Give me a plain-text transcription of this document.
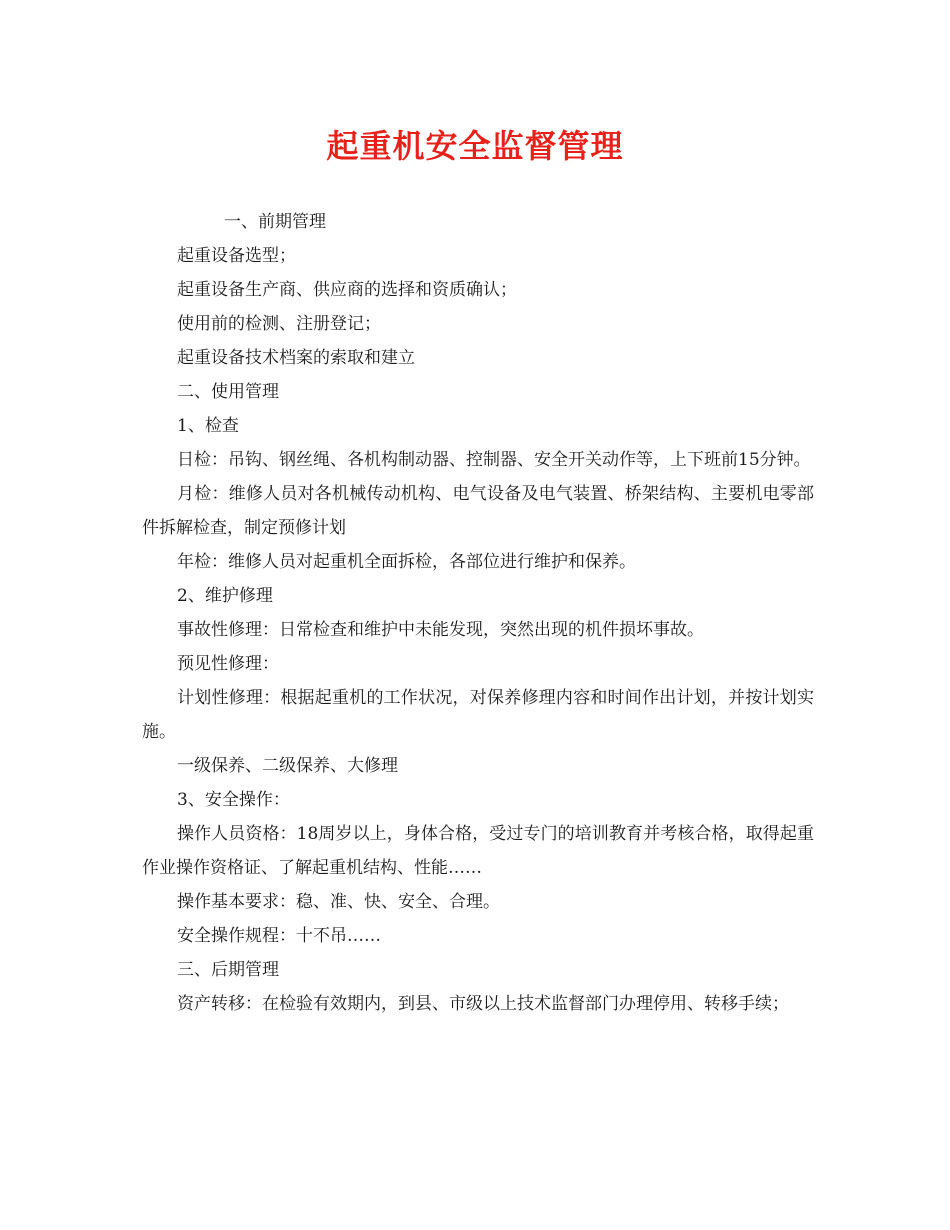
起重机安全监督管理

一、前期管理

起重设备选型；

起重设备生产商、供应商的选择和资质确认；

使用前的检测、注册登记；

起重设备技术档案的索取和建立

二、使用管理

1、检查

日检：吊钩、钢丝绳、各机构制动器、控制器、安全开关动作等，上下班前15分钟。

月检：维修人员对各机械传动机构、电气设备及电气装置、桥架结构、主要机电零部件拆解检查，制定预修计划

年检：维修人员对起重机全面拆检，各部位进行维护和保养。

2、维护修理

事故性修理：日常检查和维护中未能发现，突然出现的机件损坏事故。

预见性修理：

计划性修理：根据起重机的工作状况，对保养修理内容和时间作出计划，并按计划实施。

一级保养、二级保养、大修理

3、安全操作：

操作人员资格：18周岁以上，身体合格，受过专门的培训教育并考核合格，取得起重作业操作资格证、了解起重机结构、性能……

操作基本要求：稳、准、快、安全、合理。

安全操作规程：十不吊……

三、后期管理

资产转移：在检验有效期内，到县、市级以上技术监督部门办理停用、转移手续；
